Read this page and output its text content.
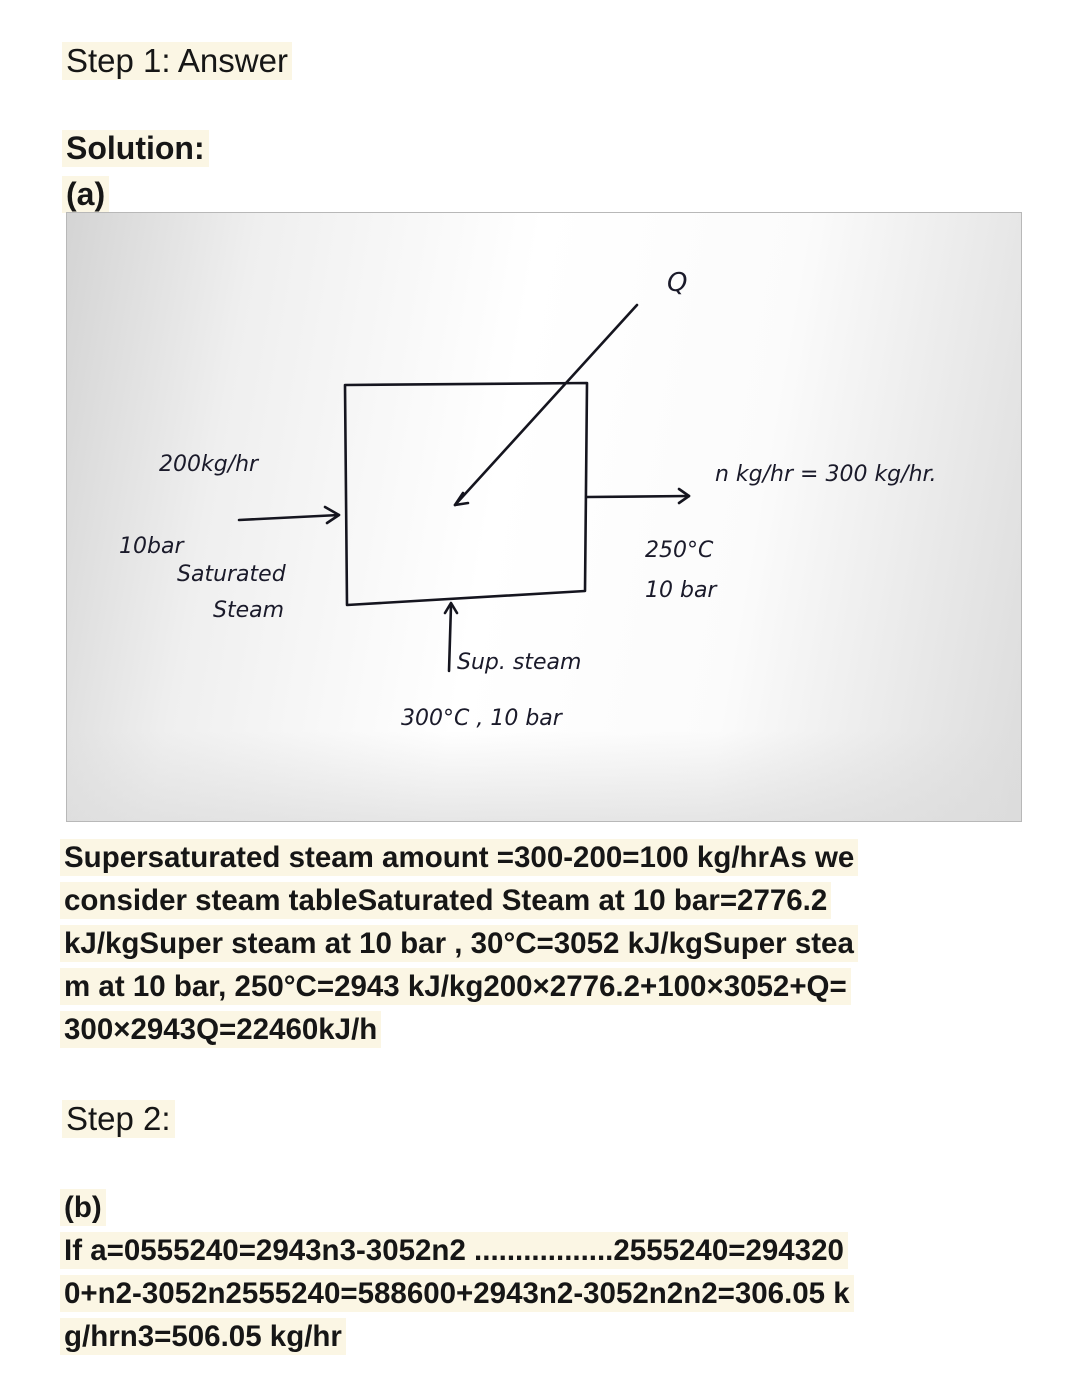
Step 1: Answer
Solution:
(a)
Q
200kg/hr
10bar
Saturated
Steam
n kg/hr = 300 kg/hr.
250°C
10 bar
Sup. steam
300°C , 10 bar
Supersaturated steam amount =300-200=100 kg/hrAs we
consider steam tableSaturated Steam at 10 bar=2776.2
kJ/kgSuper steam at 10 bar , 30°C=3052 kJ/kgSuper stea
m at 10 bar, 250°C=2943 kJ/kg200×2776.2+100×3052+Q=
300×2943Q=22460kJ/h
Step 2:
(b)
If a=0555240=2943n3-3052n2 .................2555240=294320
0+n2-3052n2555240=588600+2943n2-3052n2n2=306.05 k
g/hrn3=506.05 kg/hr
